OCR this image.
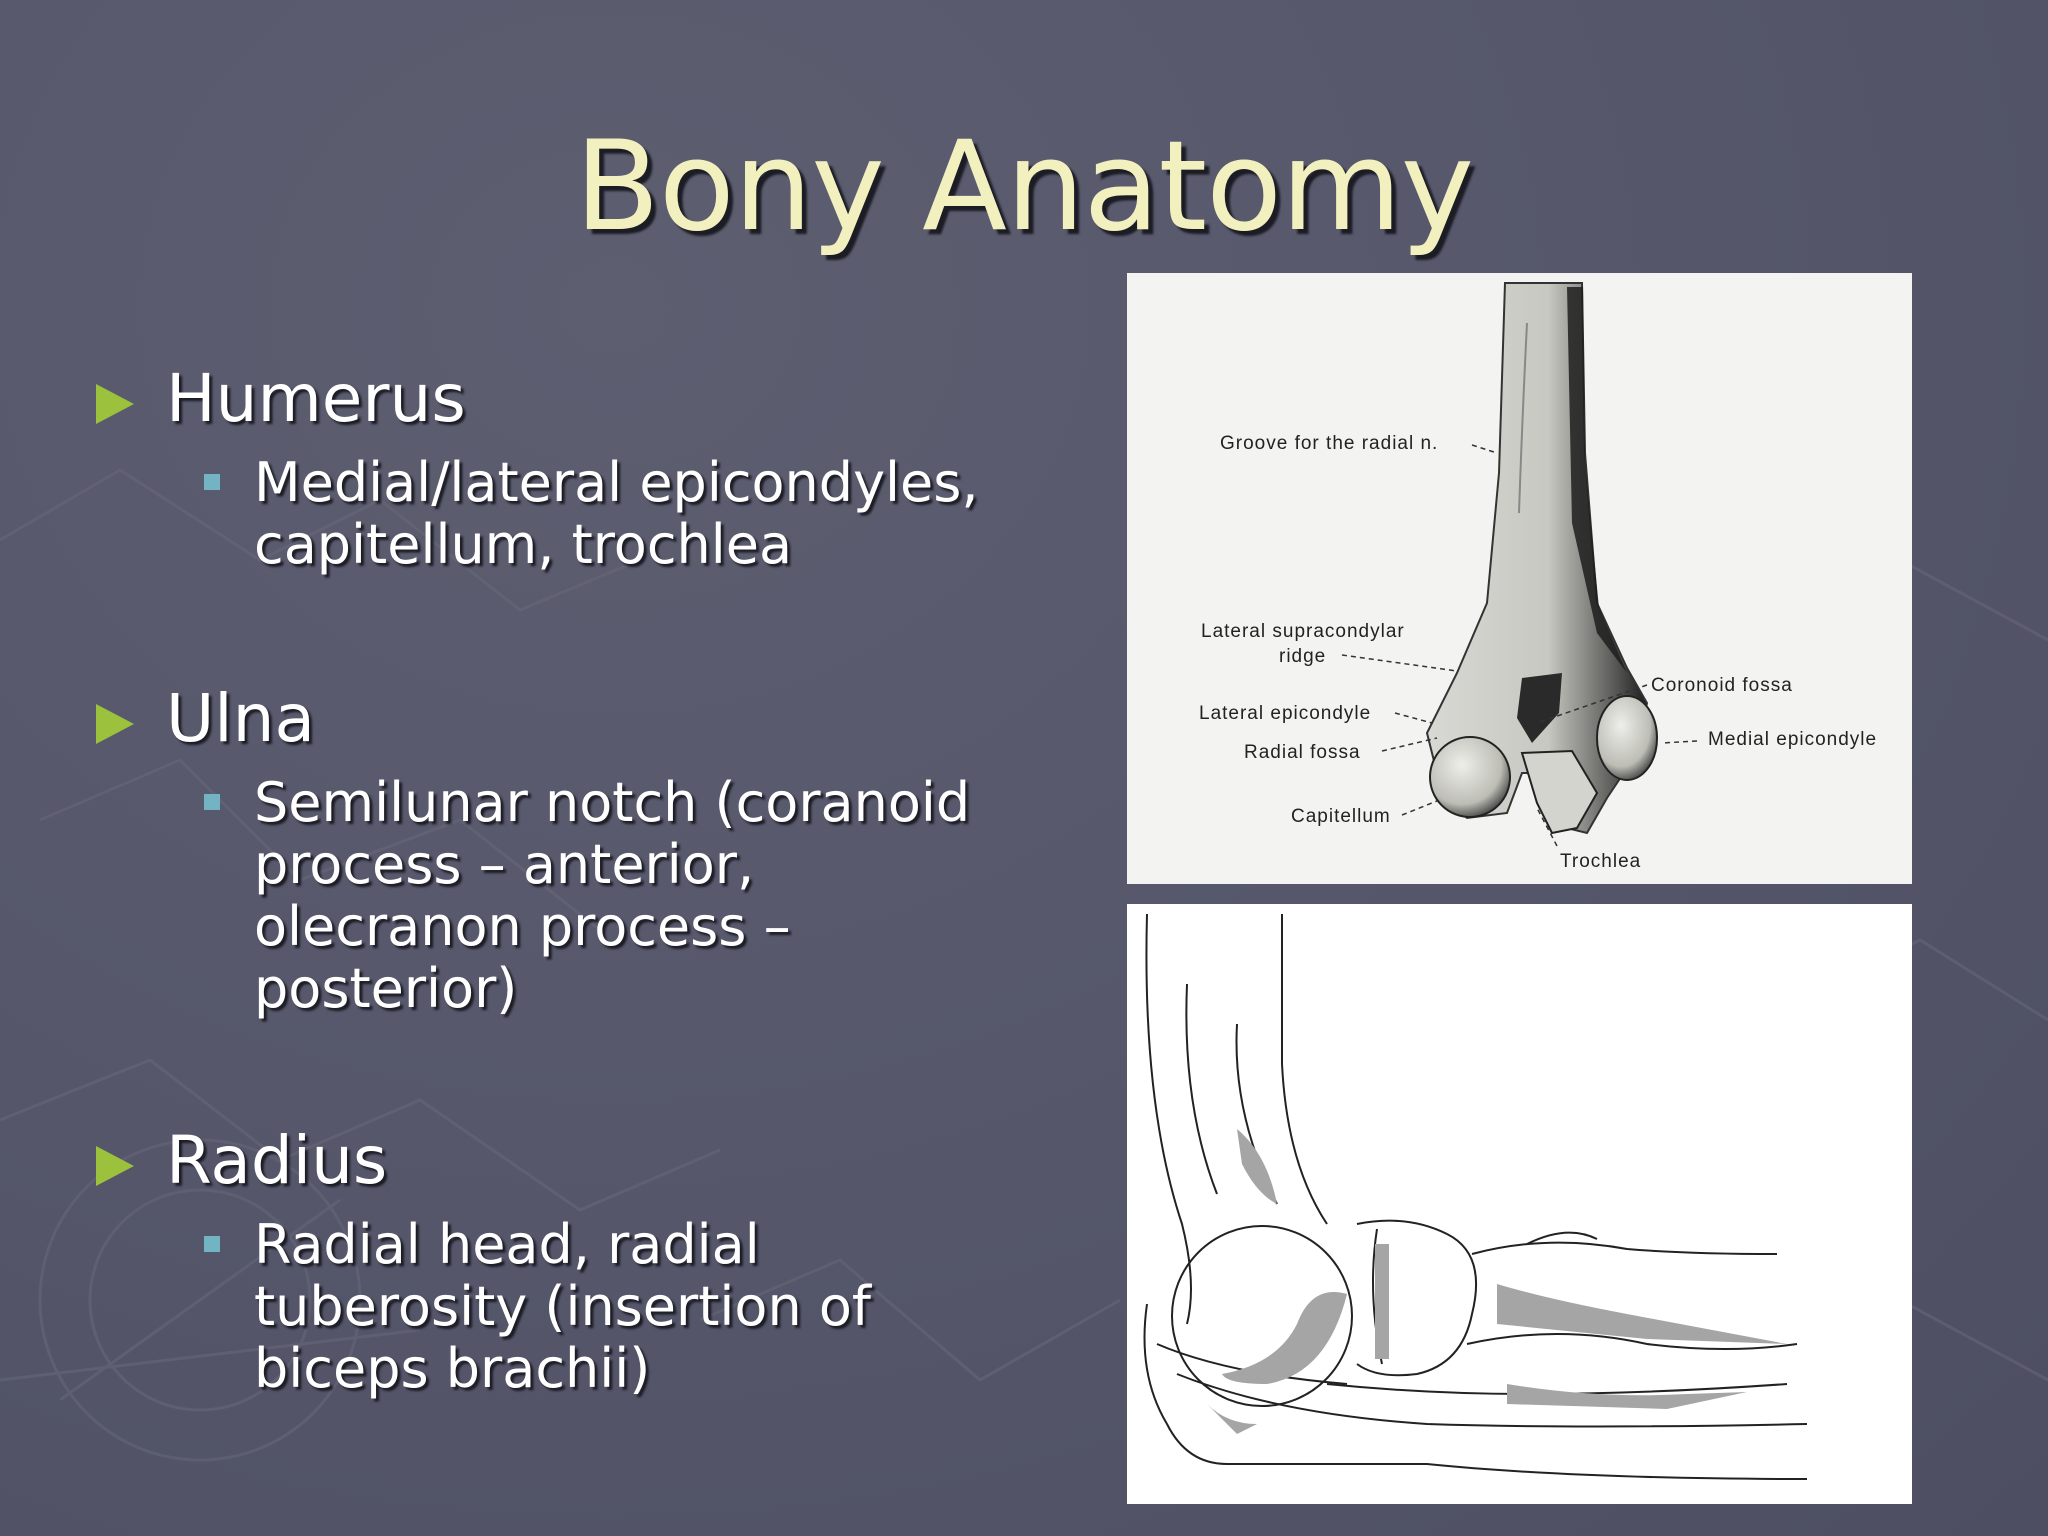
Bony Anatomy
Humerus
Medial/lateral epicondyles,
capitellum, trochlea
Ulna
Semilunar notch (coranoid
process – anterior,
olecranon process –
posterior)
Radius
Radial head, radial
tuberosity (insertion of
biceps brachii)
Groove for the radial n.
Lateral supracondylar
ridge
Lateral epicondyle
Radial fossa
Capitellum
Trochlea
Coronoid fossa
Medial epicondyle
